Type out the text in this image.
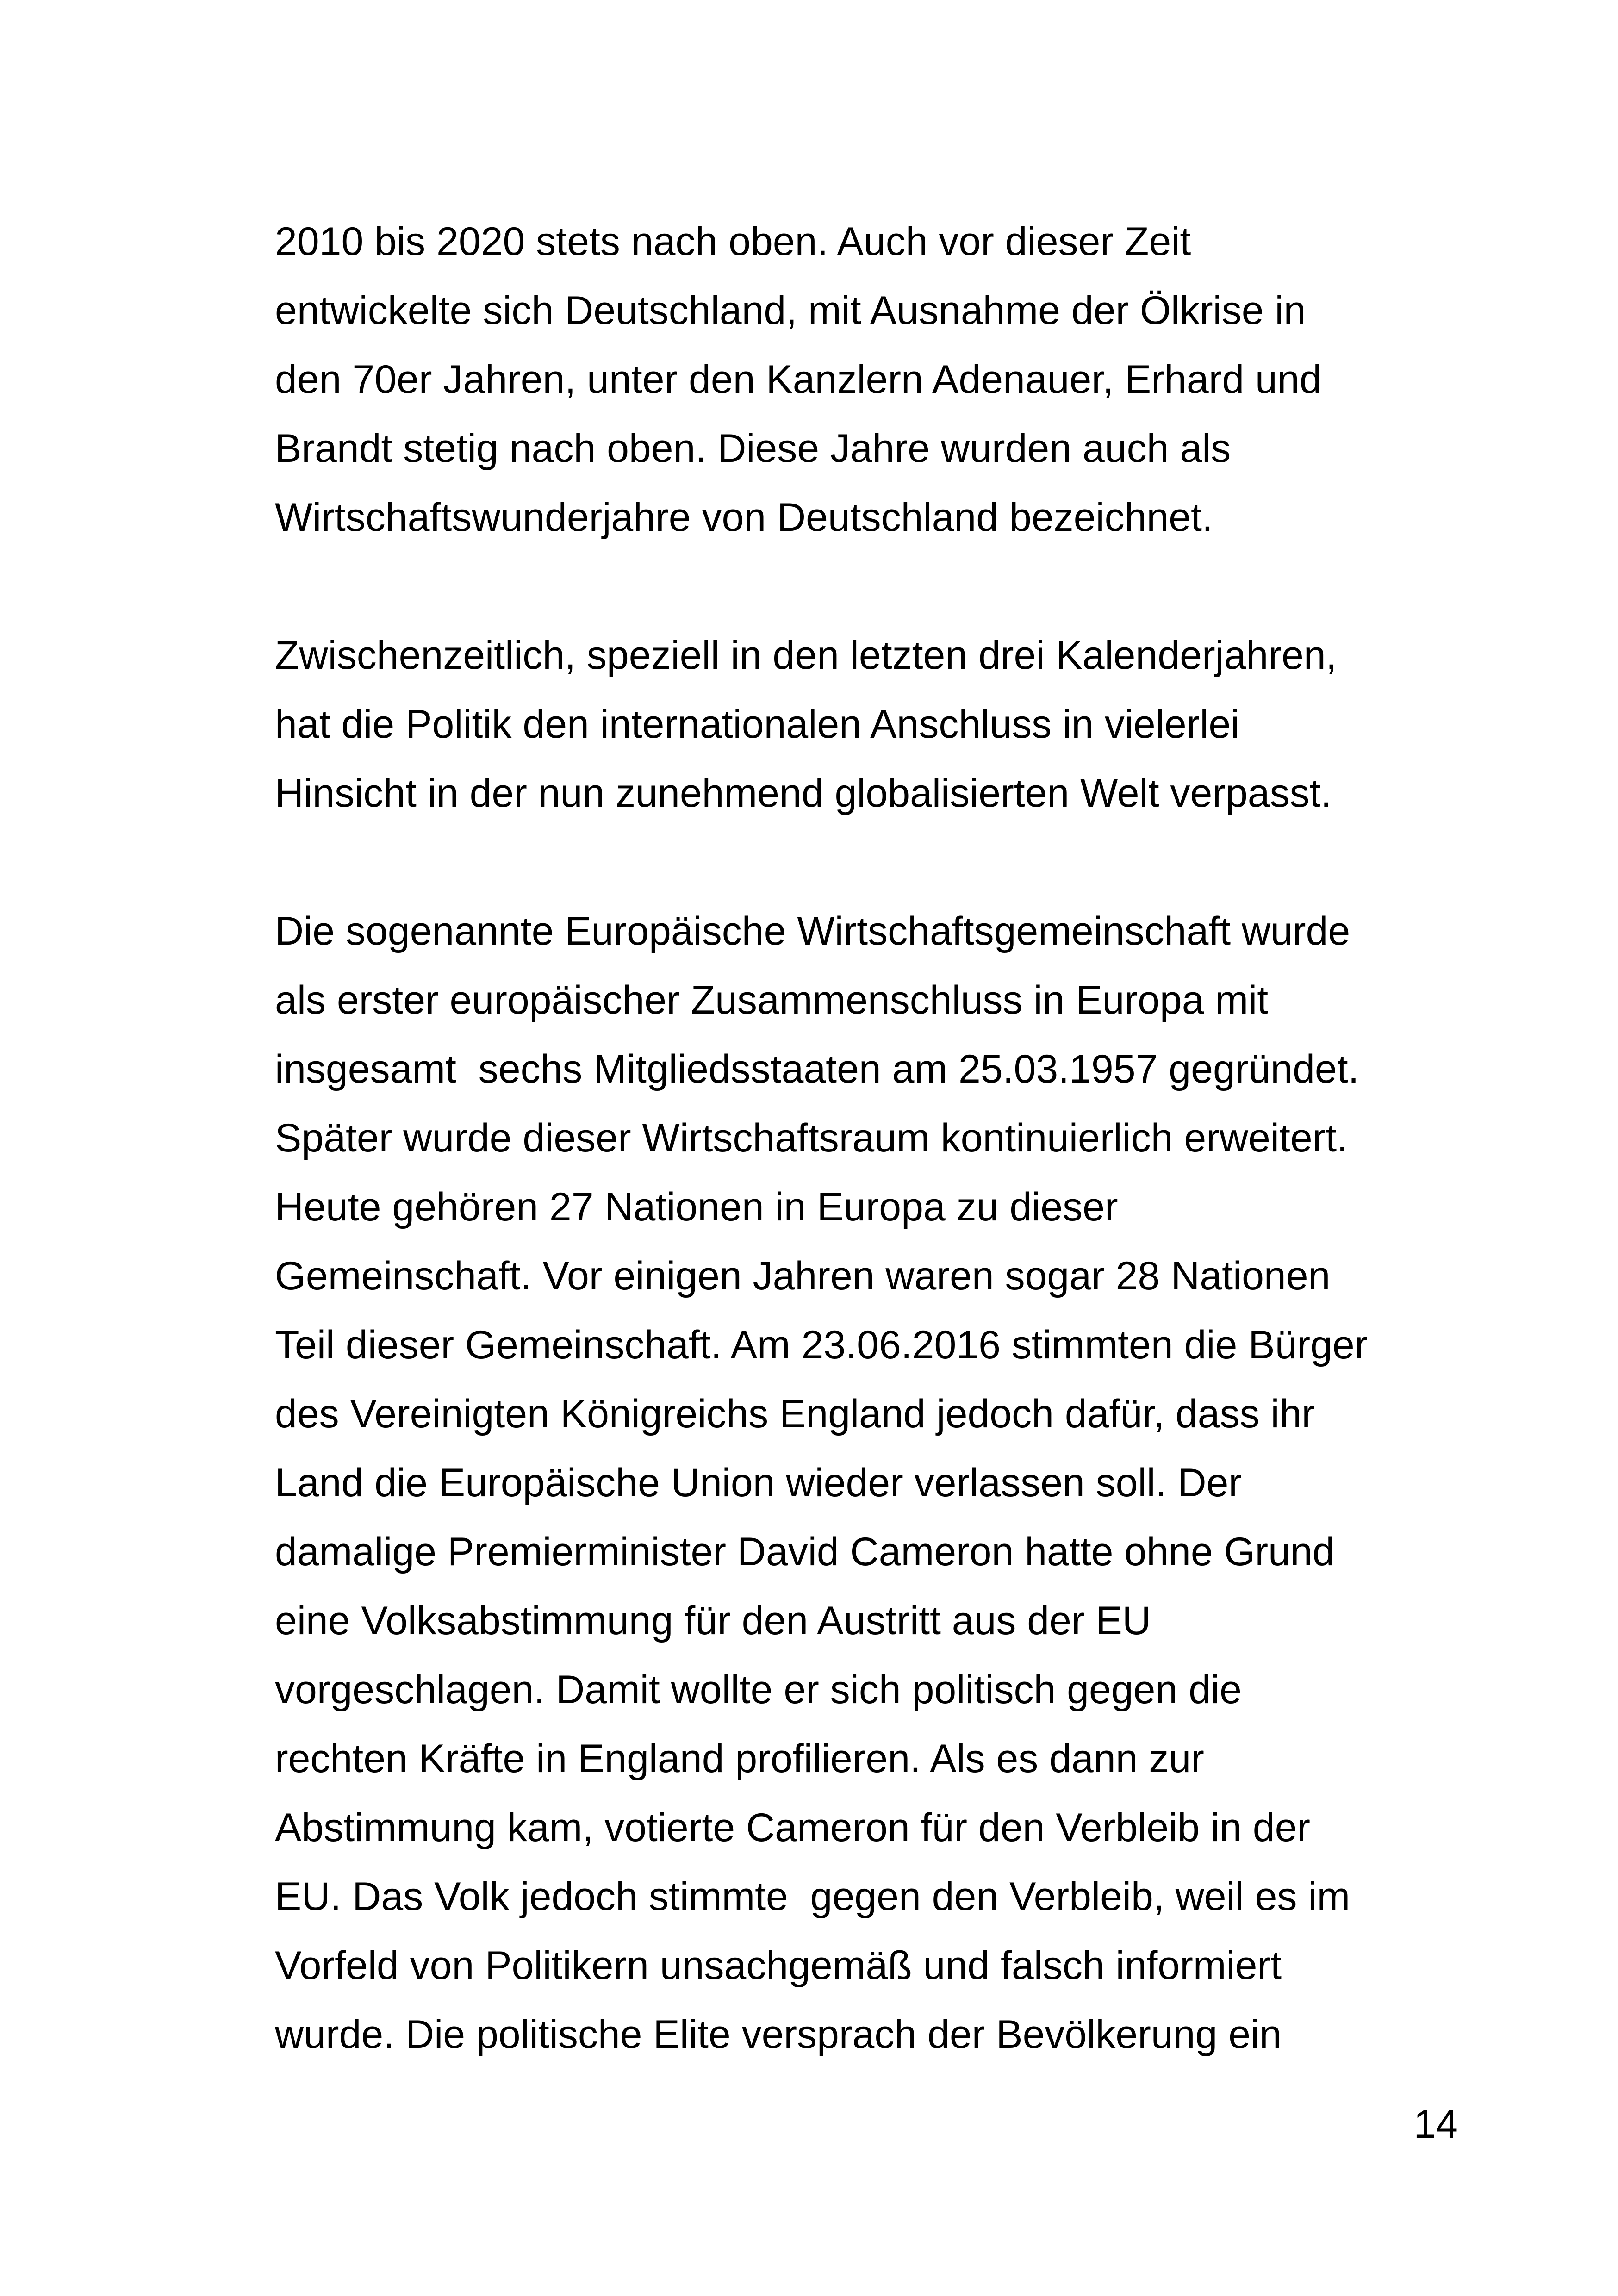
2010 bis 2020 stets nach oben. Auch vor dieser Zeit
entwickelte sich Deutschland, mit Ausnahme der Ölkrise in
den 70er Jahren, unter den Kanzlern Adenauer, Erhard und
Brandt stetig nach oben. Diese Jahre wurden auch als
Wirtschaftswunderjahre von Deutschland bezeichnet.
Zwischenzeitlich, speziell in den letzten drei Kalenderjahren,
hat die Politik den internationalen Anschluss in vielerlei
Hinsicht in der nun zunehmend globalisierten Welt verpasst.
Die sogenannte Europäische Wirtschaftsgemeinschaft wurde
als erster europäischer Zusammenschluss in Europa mit
insgesamt  sechs Mitgliedsstaaten am 25.03.1957 gegründet.
Später wurde dieser Wirtschaftsraum kontinuierlich erweitert.
Heute gehören 27 Nationen in Europa zu dieser
Gemeinschaft. Vor einigen Jahren waren sogar 28 Nationen
Teil dieser Gemeinschaft. Am 23.06.2016 stimmten die Bürger
des Vereinigten Königreichs England jedoch dafür, dass ihr
Land die Europäische Union wieder verlassen soll. Der
damalige Premierminister David Cameron hatte ohne Grund
eine Volksabstimmung für den Austritt aus der EU
vorgeschlagen. Damit wollte er sich politisch gegen die
rechten Kräfte in England profilieren. Als es dann zur
Abstimmung kam, votierte Cameron für den Verbleib in der
EU. Das Volk jedoch stimmte  gegen den Verbleib, weil es im
Vorfeld von Politikern unsachgemäß und falsch informiert
wurde. Die politische Elite versprach der Bevölkerung ein
14
